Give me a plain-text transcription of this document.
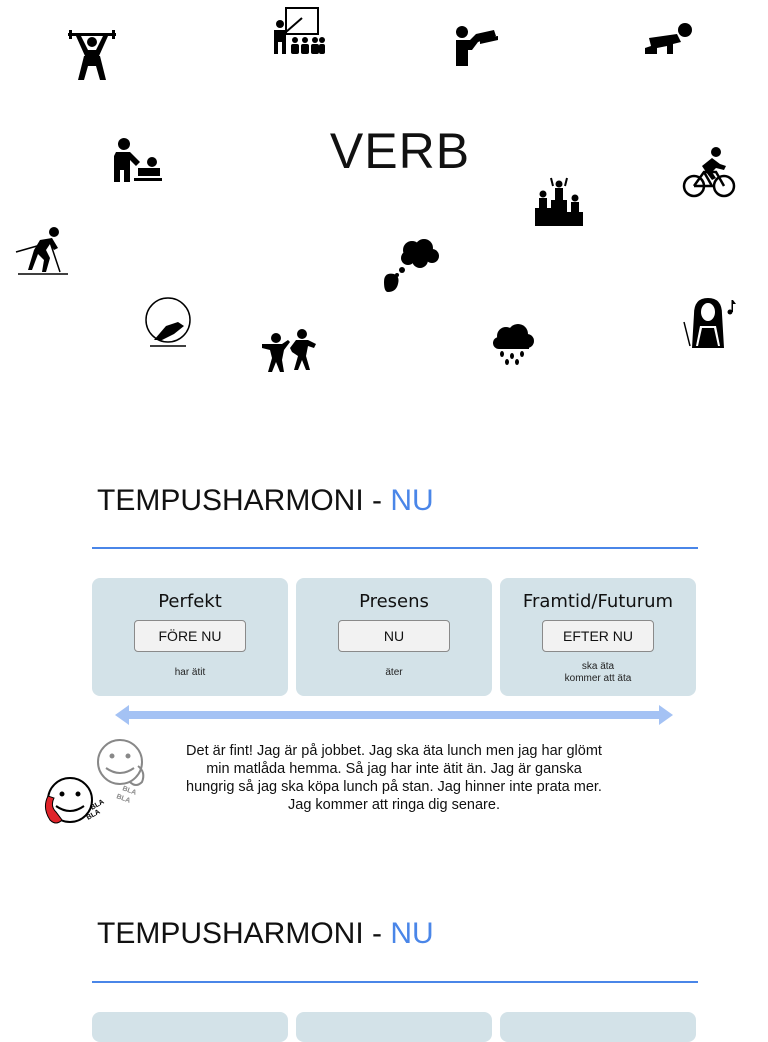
BLA
BLA
BLA
BLA
VERB
TEMPUSHARMONI - NU
Perfekt
FÖRE NU
har ätit
Presens
NU
äter
Framtid/Futurum
EFTER NU
ska äta
kommer att äta
Det är fint! Jag är på jobbet. Jag ska äta lunch men jag har glömt min matlåda hemma. Så jag har inte ätit än. Jag är ganska hungrig så jag ska köpa lunch på stan. Jag hinner inte prata mer. Jag kommer att ringa dig senare.
TEMPUSHARMONI - NU
